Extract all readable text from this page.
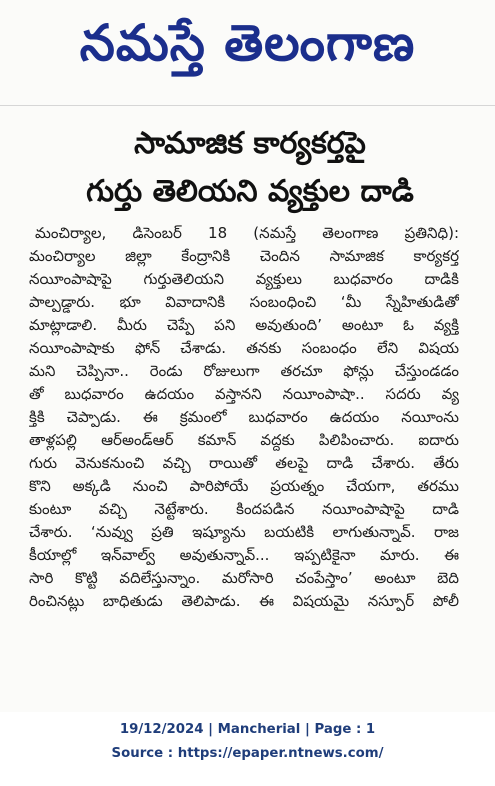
నమస్తే తెలంగాణ
సామాజిక కార్యకర్తపై
గుర్తు తెలియని వ్యక్తుల దాడి
మంచిర్యాల, డిసెంబర్ 18 (నమస్తే తెలంగాణ ప్రతినిధి):
మంచిర్యాల జిల్లా కేంద్రానికి చెందిన సామాజిక కార్యకర్త
నయీంపాషాపై గుర్తుతెలియని వ్యక్తులు బుధవారం దాడికి
పాల్పడ్డారు. భూ వివాదానికి సంబంధించి ‘మీ స్నేహితుడితో
మాట్లాడాలి. మీరు చెప్పే పని అవుతుంది’ అంటూ ఓ వ్యక్తి
నయీంపాషాకు ఫోన్ చేశాడు. తనకు సంబంధం లేని విషయ
మని చెప్పినా.. రెండు రోజులుగా తరచూ ఫోన్లు చేస్తుండడం
తో బుధవారం ఉదయం వస్తానని నయీంపాషా.. సదరు వ్య
క్తికి చెప్పాడు. ఈ క్రమంలో బుధవారం ఉదయం నయీంను
తాళ్లపల్లి ఆర్‌అండ్‌ఆర్ కమాన్ వద్దకు పిలిపించారు. ఐదారు
గురు వెనుకనుంచి వచ్చి రాయితో తలపై దాడి చేశారు. తేరు
కొని అక్కడి నుంచి పారిపోయే ప్రయత్నం చేయగా, తరము
కుంటూ వచ్చి నెట్టేశారు. కిందపడిన నయీంపాషాపై దాడి
చేశారు. ‘నువ్వు ప్రతి ఇష్యూను బయటికి లాగుతున్నావ్. రాజ
కీయాల్లో ఇన్‌వాల్వ్ అవుతున్నావ్... ఇప్పటికైనా మారు. ఈ
సారి కొట్టి వదిలేస్తున్నాం. మరోసారి చంపేస్తాం’ అంటూ బెది
రించినట్లు బాధితుడు తెలిపాడు. ఈ విషయమై నస్పూర్ పోలీ
19/12/2024 | Mancherial | Page : 1
Source : https://epaper.ntnews.com/
